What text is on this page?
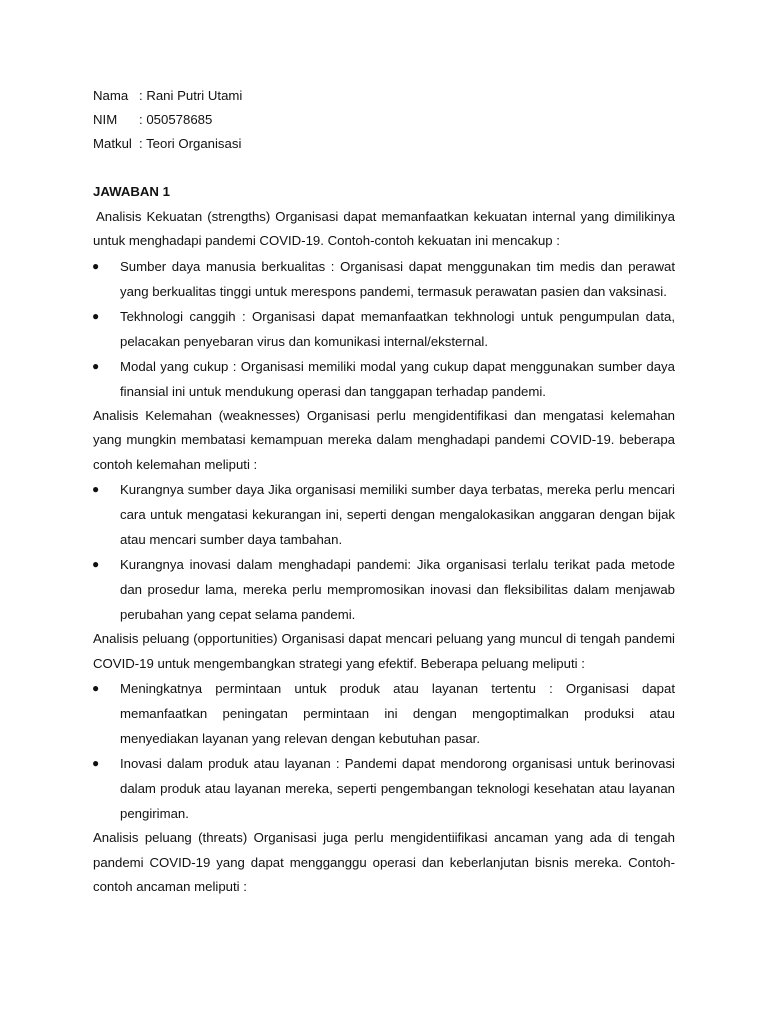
Nama : Rani Putri Utami
NIM	: 050578685
Matkul : Teori Organisasi
JAWABAN 1

Analisis Kekuatan (strengths) Organisasi dapat memanfaatkan kekuatan internal yang dimilikinya untuk menghadapi pandemi COVID-19. Contoh-contoh kekuatan ini mencakup :

● Sumber daya manusia berkualitas : Organisasi dapat menggunakan tim medis dan perawat yang berkualitas tinggi untuk merespons pandemi, termasuk perawatan pasien dan vaksinasi.
● Tekhnologi canggih : Organisasi dapat memanfaatkan tekhnologi untuk pengumpulan data, pelacakan penyebaran virus dan komunikasi internal/eksternal.
● Modal yang cukup : Organisasi memiliki modal yang cukup dapat menggunakan sumber daya finansial ini untuk mendukung operasi dan tanggapan terhadap pandemi.

Analisis Kelemahan (weaknesses) Organisasi perlu mengidentifikasi dan mengatasi kelemahan yang mungkin membatasi kemampuan mereka dalam menghadapi pandemi COVID-19. beberapa contoh kelemahan meliputi :

● Kurangnya sumber daya Jika organisasi memiliki sumber daya terbatas, mereka perlu mencari cara untuk mengatasi kekurangan ini, seperti dengan mengalokasikan anggaran dengan bijak atau mencari sumber daya tambahan.
● Kurangnya inovasi dalam menghadapi pandemi: Jika organisasi terlalu terikat pada metode dan prosedur lama, mereka perlu mempromosikan inovasi dan fleksibilitas dalam menjawab perubahan yang cepat selama pandemi.

Analisis peluang (opportunities) Organisasi dapat mencari peluang yang muncul di tengah pandemi COVID-19 untuk mengembangkan strategi yang efektif. Beberapa peluang meliputi :

● Meningkatnya permintaan untuk produk atau layanan tertentu : Organisasi dapat memanfaatkan peningatan permintaan ini dengan mengoptimalkan produksi atau menyediakan layanan yang relevan dengan kebutuhan pasar.
● Inovasi dalam produk atau layanan : Pandemi dapat mendorong organisasi untuk berinovasi dalam produk atau layanan mereka, seperti pengembangan teknologi kesehatan atau layanan pengiriman.

Analisis peluang (threats) Organisasi juga perlu mengidentiifikasi ancaman yang ada di tengah pandemi COVID-19 yang dapat mengganggu operasi dan keberlanjutan bisnis mereka. Contoh-contoh ancaman meliputi :
